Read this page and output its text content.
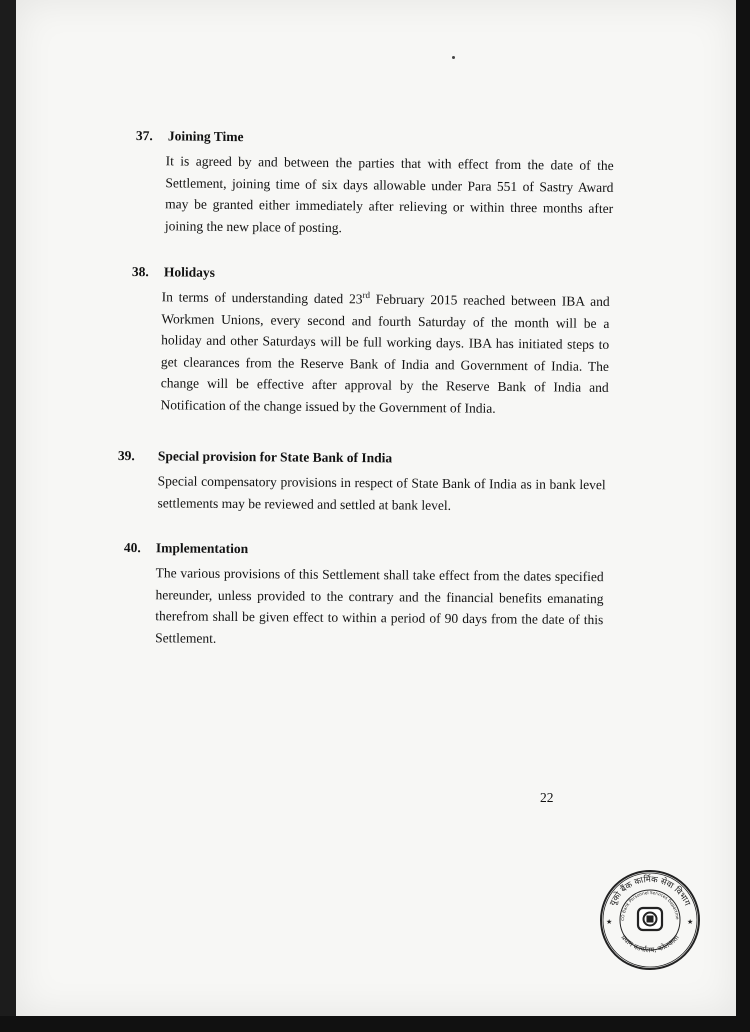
37. Joining Time
It is agreed by and between the parties that with effect from the date of the Settlement, joining time of six days allowable under Para 551 of Sastry Award may be granted either immediately after relieving or within three months after joining the new place of posting.
38. Holidays
In terms of understanding dated 23rd February 2015 reached between IBA and Workmen Unions, every second and fourth Saturday of the month will be a holiday and other Saturdays will be full working days. IBA has initiated steps to get clearances from the Reserve Bank of India and Government of India. The change will be effective after approval by the Reserve Bank of India and Notification of the change issued by the Government of India.
39. Special provision for State Bank of India
Special compensatory provisions in respect of State Bank of India as in bank level settlements may be reviewed and settled at bank level.
40. Implementation
The various provisions of this Settlement shall take effect from the dates specified hereunder, unless provided to the contrary and the financial benefits emanating therefrom shall be given effect to within a period of 90 days from the date of this Settlement.
22
यूको बैंक कार्मिक सेवा विभाग
CO Bank Personnel Services Departme
प्रधान कार्यालय, कोलकाता
★	★
